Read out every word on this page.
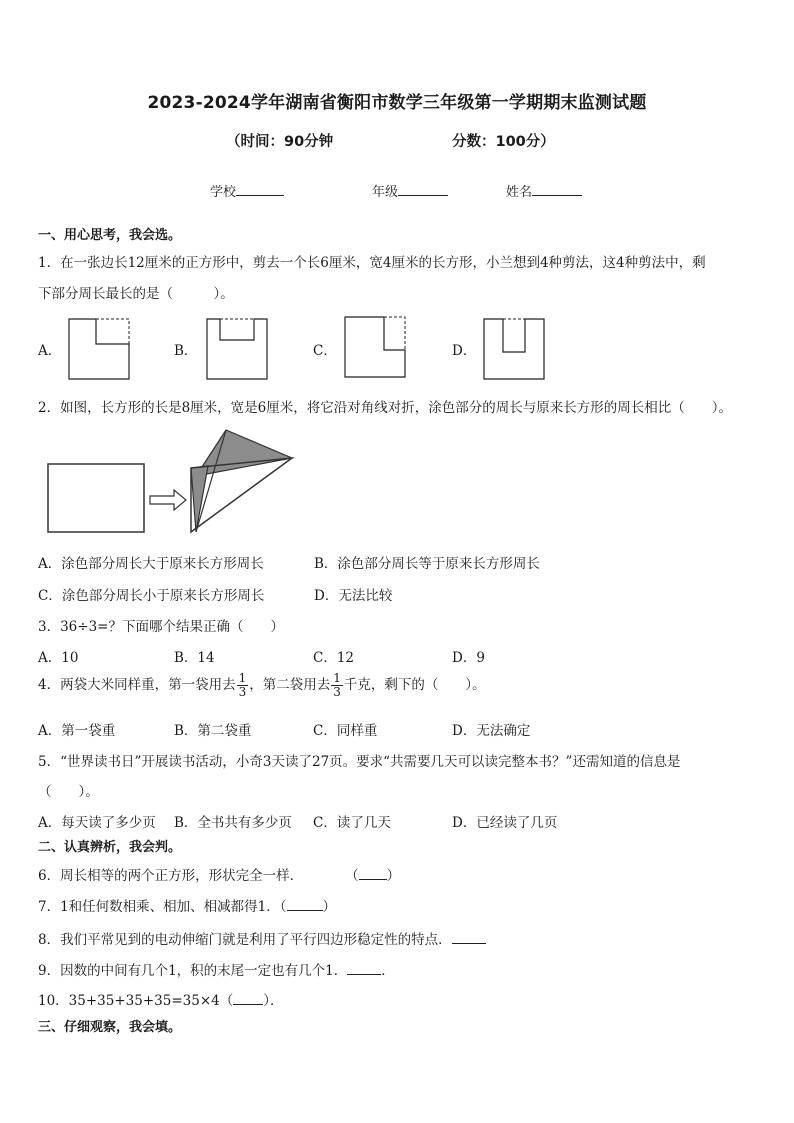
2023-2024学年湖南省衡阳市数学三年级第一学期期末监测试题
（时间：90分钟	分数：100分）
学校	年级	姓名
一、用心思考，我会选。
1．在一张边长12厘米的正方形中，剪去一个长6厘米，宽4厘米的长方形，小兰想到4种剪法，这4种剪法中，剩
下部分周长最长的是（　　　）。
A．	B．	C．	D．
2．如图，长方形的长是8厘米，宽是6厘米，将它沿对角线对折，涂色部分的周长与原来长方形的周长相比（　　）。
A．涂色部分周长大于原来长方形周长	B．涂色部分周长等于原来长方形周长
C．涂色部分周长小于原来长方形周长	D．无法比较
3．36÷3=？下面哪个结果正确（　　）
A．10	B．14	C．12	D．9
4．两袋大米同样重，第一袋用去 $\frac{1}{3}$ ，第二袋用去 $\frac{1}{3}$ 千克，剩下的（　　）。
A．第一袋重	B．第二袋重	C．同样重	D．无法确定
5．“世界读书日”开展读书活动，小奇3天读了27页。要求“共需要几天可以读完整本书？”还需知道的信息是
（　　）。
A．每天读了多少页 B．全书共有多少页 C．读了几天	D．已经读了几页
二、认真辨析，我会判。
6．周长相等的两个正方形，形状完全一样．	（ ）
7．1和任何数相乘、相加、相减都得1．（	）
8．我们平常见到的电动伸缩门就是利用了平行四边形稳定性的特点．
9．因数的中间有几个1，积的末尾一定也有几个1．	．
10．35+35+35+35=35×4（ ）．
三、仔细观察，我会填。
